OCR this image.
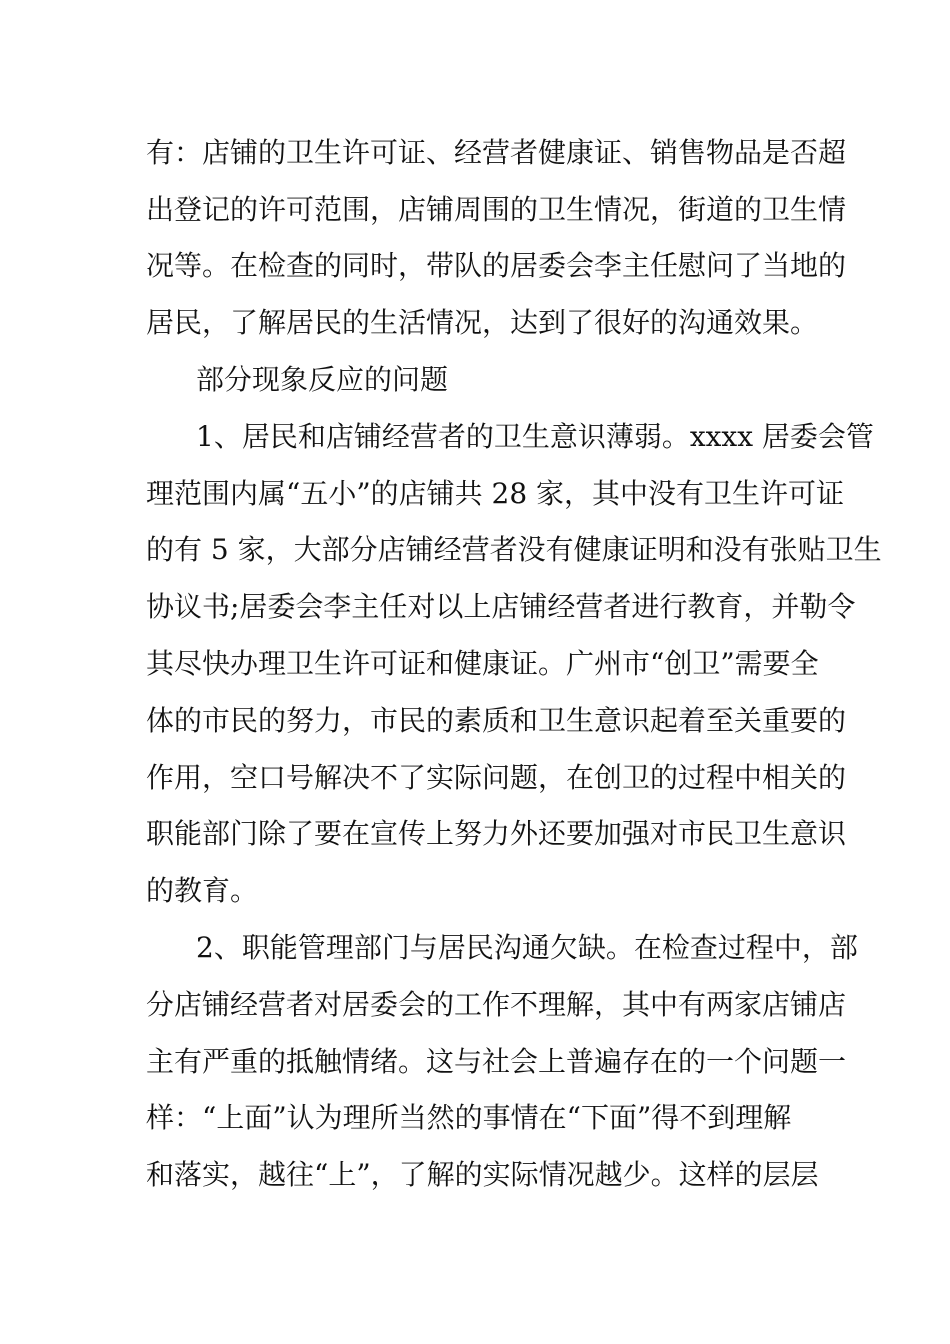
有：店铺的卫生许可证、经营者健康证、销售物品是否超
出登记的许可范围，店铺周围的卫生情况，街道的卫生情
况等。在检查的同时，带队的居委会李主任慰问了当地的
居民，了解居民的生活情况，达到了很好的沟通效果。
部分现象反应的问题
1、居民和店铺经营者的卫生意识薄弱。xxxx 居委会管
理范围内属“五小”的店铺共 28 家，其中没有卫生许可证
的有 5 家，大部分店铺经营者没有健康证明和没有张贴卫生
协议书;居委会李主任对以上店铺经营者进行教育，并勒令
其尽快办理卫生许可证和健康证。广州市“创卫”需要全
体的市民的努力，市民的素质和卫生意识起着至关重要的
作用，空口号解决不了实际问题，在创卫的过程中相关的
职能部门除了要在宣传上努力外还要加强对市民卫生意识
的教育。
2、职能管理部门与居民沟通欠缺。在检查过程中，部
分店铺经营者对居委会的工作不理解，其中有两家店铺店
主有严重的抵触情绪。这与社会上普遍存在的一个问题一
样：“上面”认为理所当然的事情在“下面”得不到理解
和落实，越往“上”，了解的实际情况越少。这样的层层
